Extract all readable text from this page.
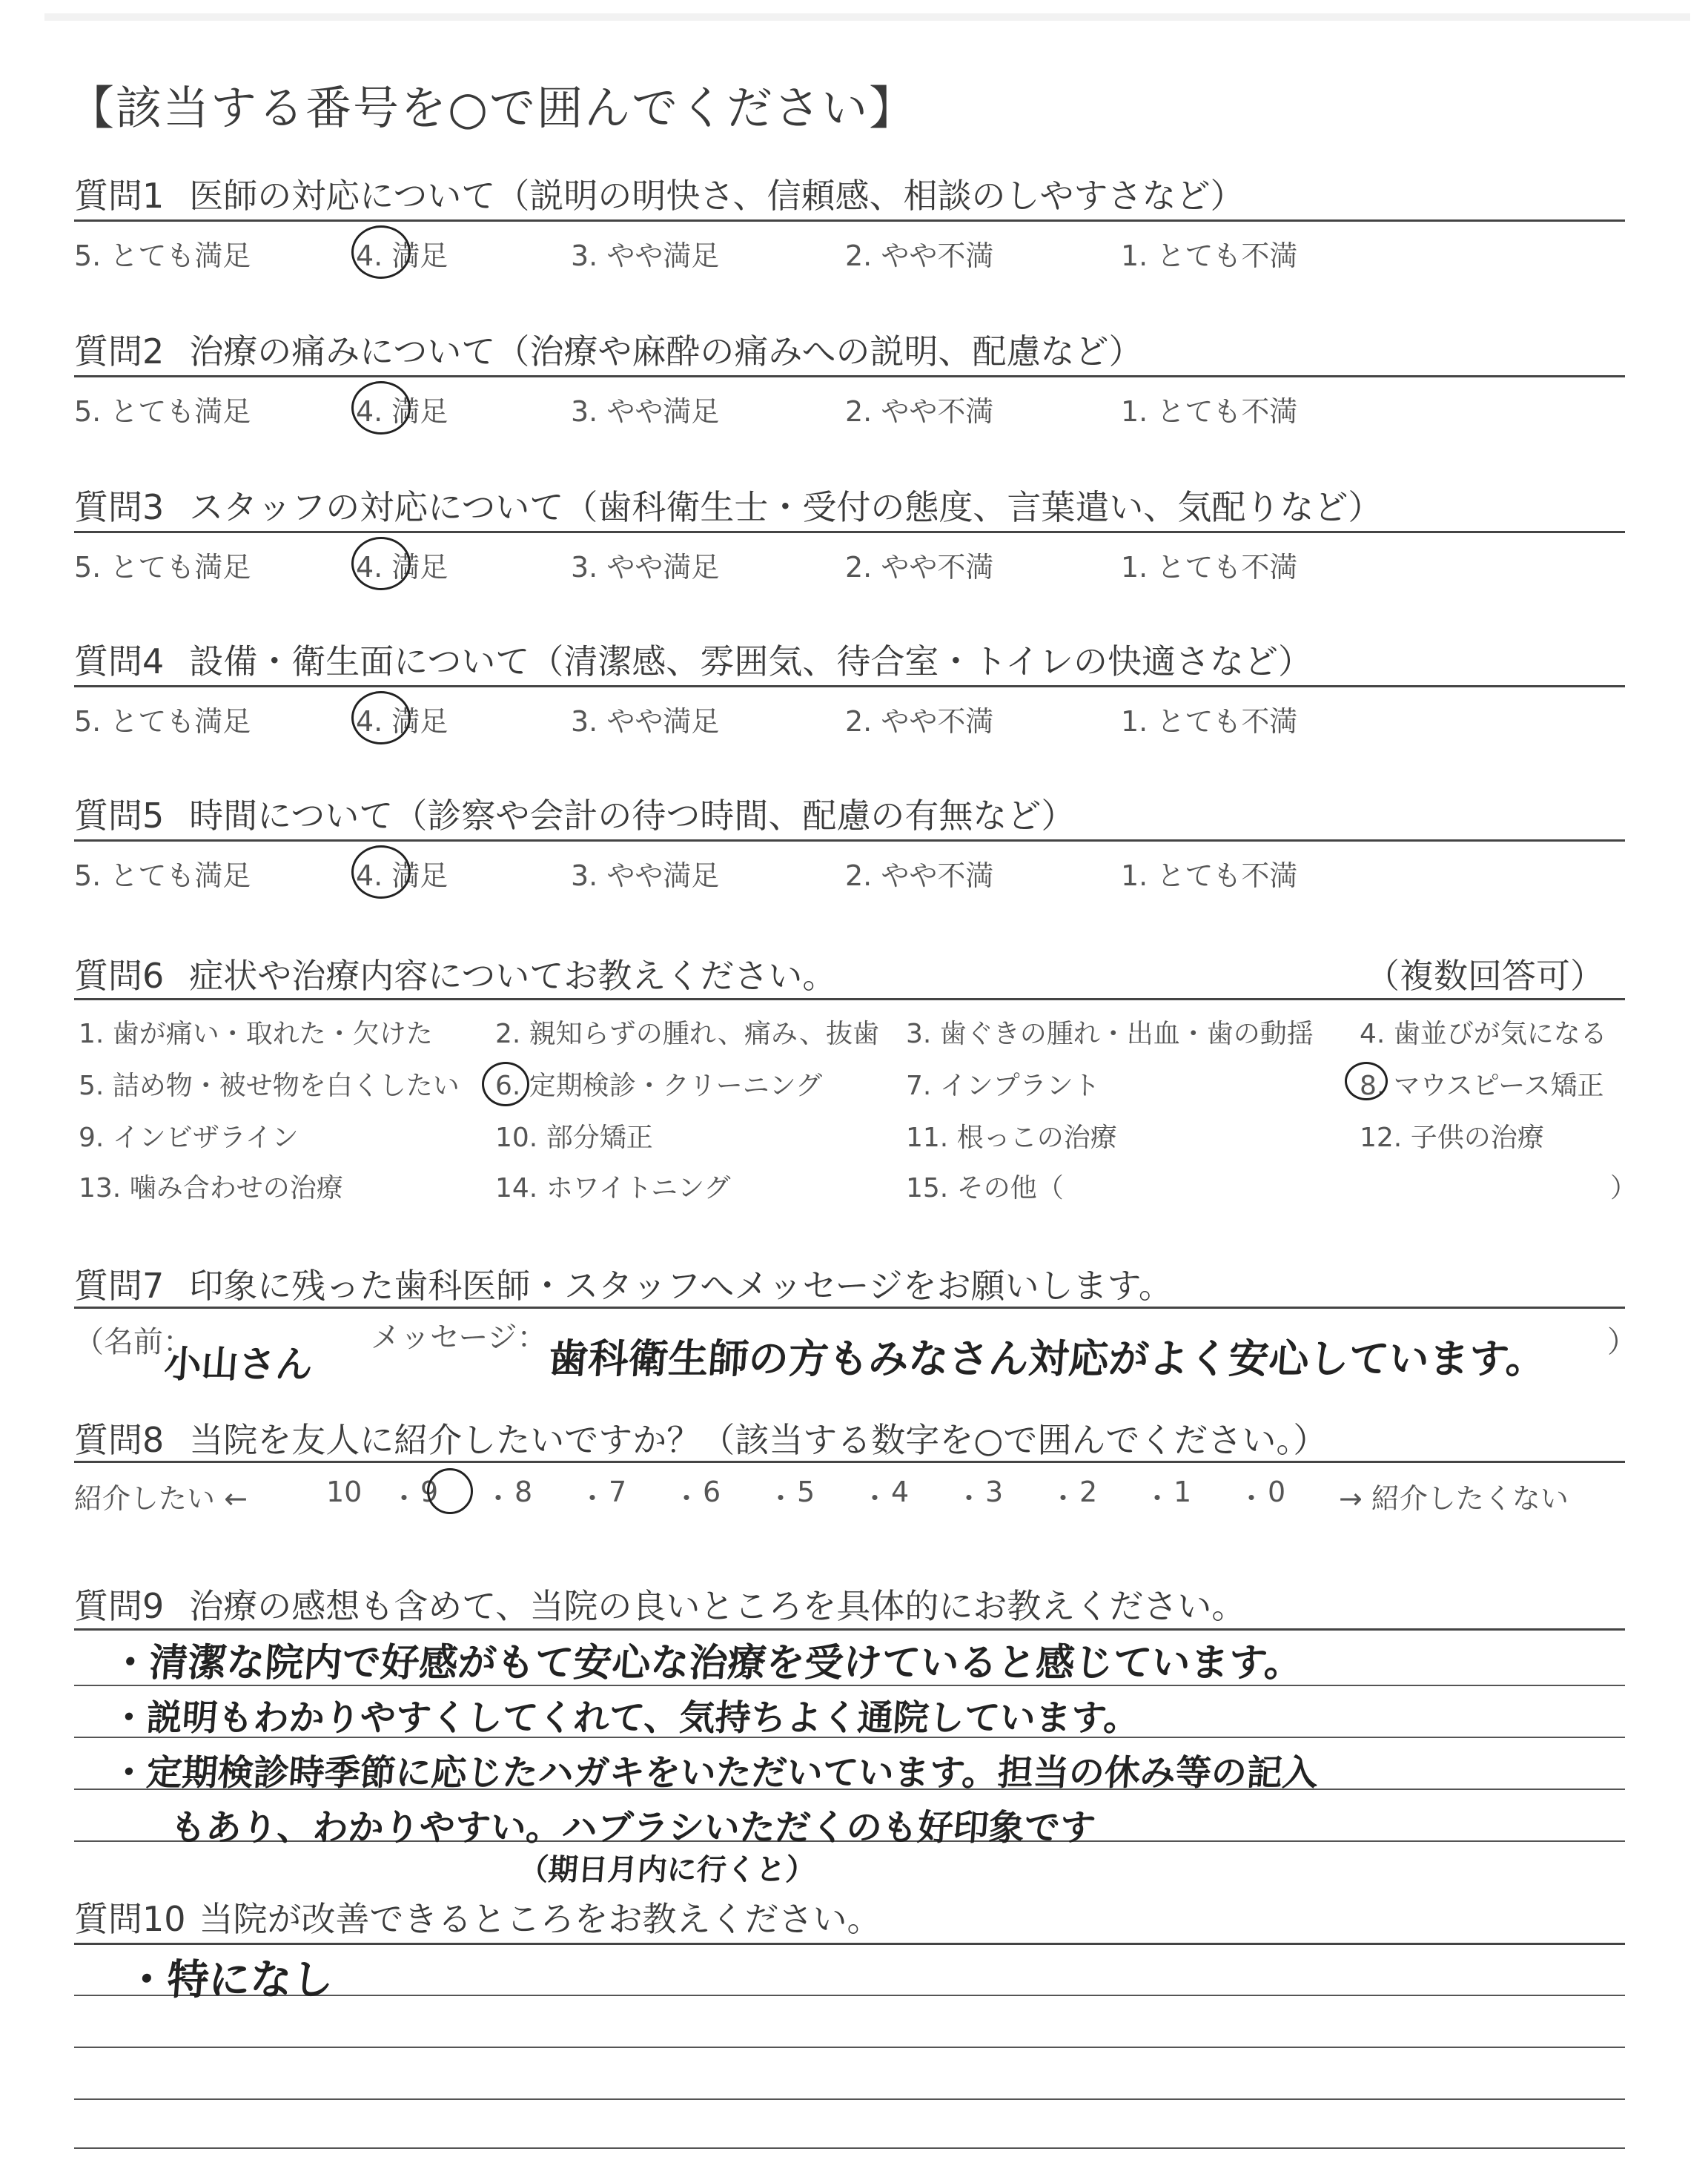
【該当する番号を○で囲んでください】
質問1 医師の対応について（説明の明快さ、信頼感、相談のしやすさなど）
5. とても満足	4. 満足	3. やや満足	2. やや不満	1. とても不満
質問2 治療の痛みについて（治療や麻酔の痛みへの説明、配慮など）
5. とても満足	4. 満足	3. やや満足	2. やや不満	1. とても不満
質問3 スタッフの対応について（歯科衛生士・受付の態度、言葉遣い、気配りなど）
5. とても満足	4. 満足	3. やや満足	2. やや不満	1. とても不満
質問4 設備・衛生面について（清潔感、雰囲気、待合室・トイレの快適さなど）
5. とても満足	4. 満足	3. やや満足	2. やや不満	1. とても不満
質問5 時間について（診察や会計の待つ時間、配慮の有無など）
5. とても満足	4. 満足	3. やや満足	2. やや不満	1. とても不満
質問6 症状や治療内容についてお教えください。	（複数回答可）
1. 歯が痛い・取れた・欠けた 2. 親知らずの腫れ、痛み、抜歯 3. 歯ぐきの腫れ・出血・歯の動揺 4. 歯並びが気になる
5. 詰め物・被せ物を白くしたい 6. 定期検診・クリーニング	7. インプラント	8. マウスピース矯正
9. インビザライン	10. 部分矯正	11. 根っこの治療	12. 子供の治療
13. 噛み合わせの治療	14. ホワイトニング	15. その他（	）
質問7 印象に残った歯科医師・スタッフへメッセージをお願いします。
（名前：
小山さん
メッセージ： 歯科衛生師の方もみなさん対応がよく安心しています。 ）
質問8 当院を友人に紹介したいですか？（該当する数字を○で囲んでください。）
紹介したい ←	10 ・ 9 ・ 8 ・ 7 ・ 6 ・ 5 ・ 4 ・ 3 ・ 2 ・ 1 ・ 0 → 紹介したくない
質問9 治療の感想も含めて、当院の良いところを具体的にお教えください。
・清潔な院内で好感がもて安心な治療を受けていると感じています。
・説明もわかりやすくしてくれて、気持ちよく通院しています。
・定期検診時季節に応じたハガキをいただいています。担当の休み等の記入
もあり、わかりやすい。ハブラシいただくのも好印象です
（期日月内に行くと）
質問10 当院が改善できるところをお教えください。
・特になし
